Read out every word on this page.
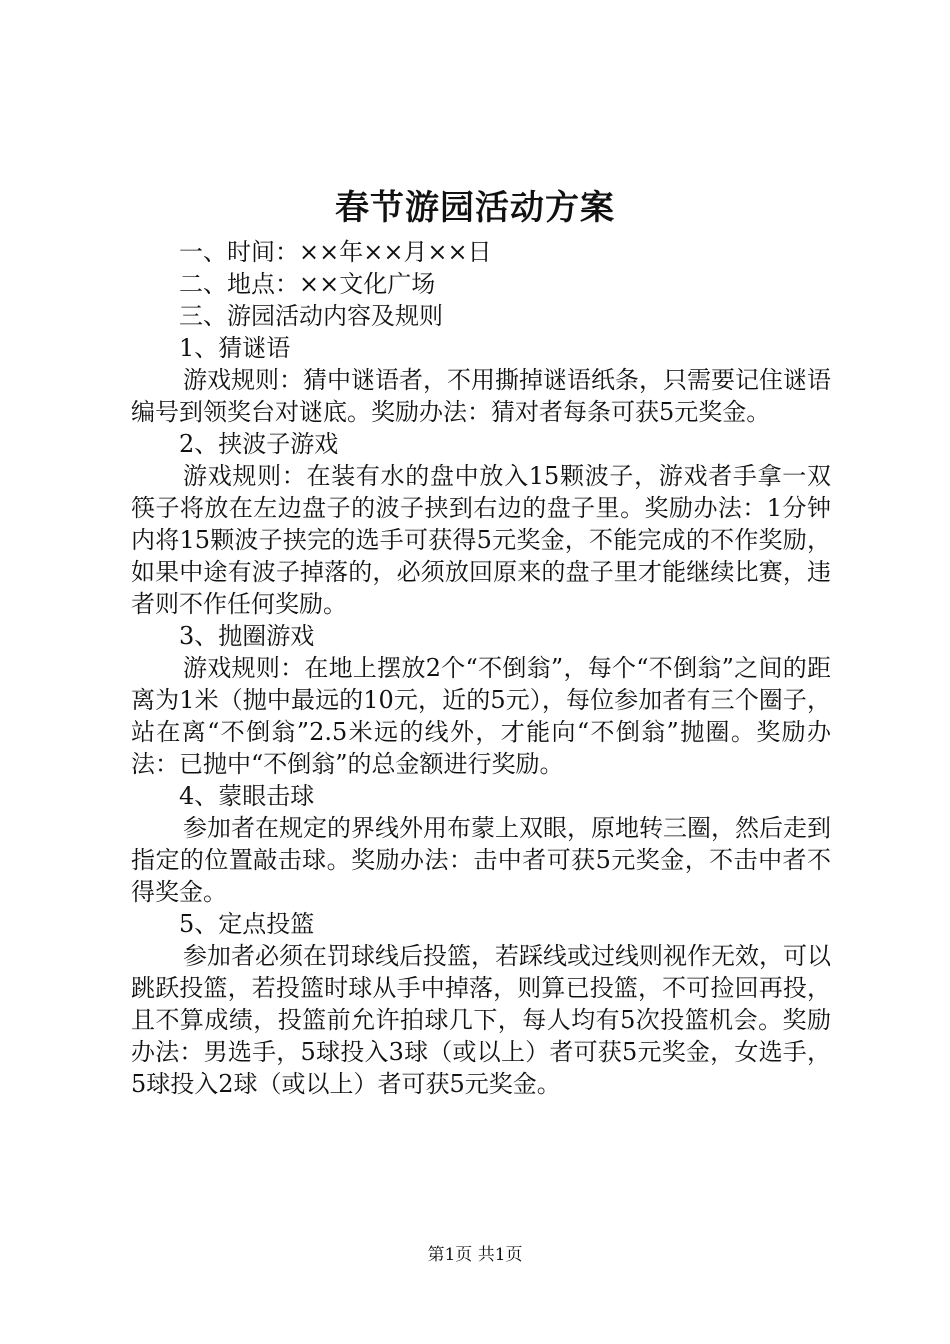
春节游园活动方案

一、时间：××年××月××日

二、地点：××文化广场

三、游园活动内容及规则

1、猜谜语

游戏规则：猜中谜语者，不用撕掉谜语纸条，只需要记住谜语编号到领奖台对谜底。奖励办法：猜对者每条可获5元奖金。

2、挟波子游戏

游戏规则：在装有水的盘中放入15颗波子，游戏者手拿一双筷子将放在左边盘子的波子挟到右边的盘子里。奖励办法：1分钟内将15颗波子挟完的选手可获得5元奖金，不能完成的不作奖励，如果中途有波子掉落的，必须放回原来的盘子里才能继续比赛，违者则不作任何奖励。

3、抛圈游戏

游戏规则：在地上摆放2个“不倒翁”，每个“不倒翁”之间的距离为1米（抛中最远的10元，近的5元），每位参加者有三个圈子，站在离“不倒翁”2.5米远的线外，才能向“不倒翁”抛圈。奖励办法：已抛中“不倒翁”的总金额进行奖励。

4、蒙眼击球

参加者在规定的界线外用布蒙上双眼，原地转三圈，然后走到指定的位置敲击球。奖励办法：击中者可获5元奖金，不击中者不得奖金。

5、定点投篮

参加者必须在罚球线后投篮，若踩线或过线则视作无效，可以跳跃投篮，若投篮时球从手中掉落，则算已投篮，不可捡回再投，且不算成绩，投篮前允许拍球几下，每人均有5次投篮机会。奖励办法：男选手，5球投入3球（或以上）者可获5元奖金，女选手，5球投入2球（或以上）者可获5元奖金。

第1页 共1页
